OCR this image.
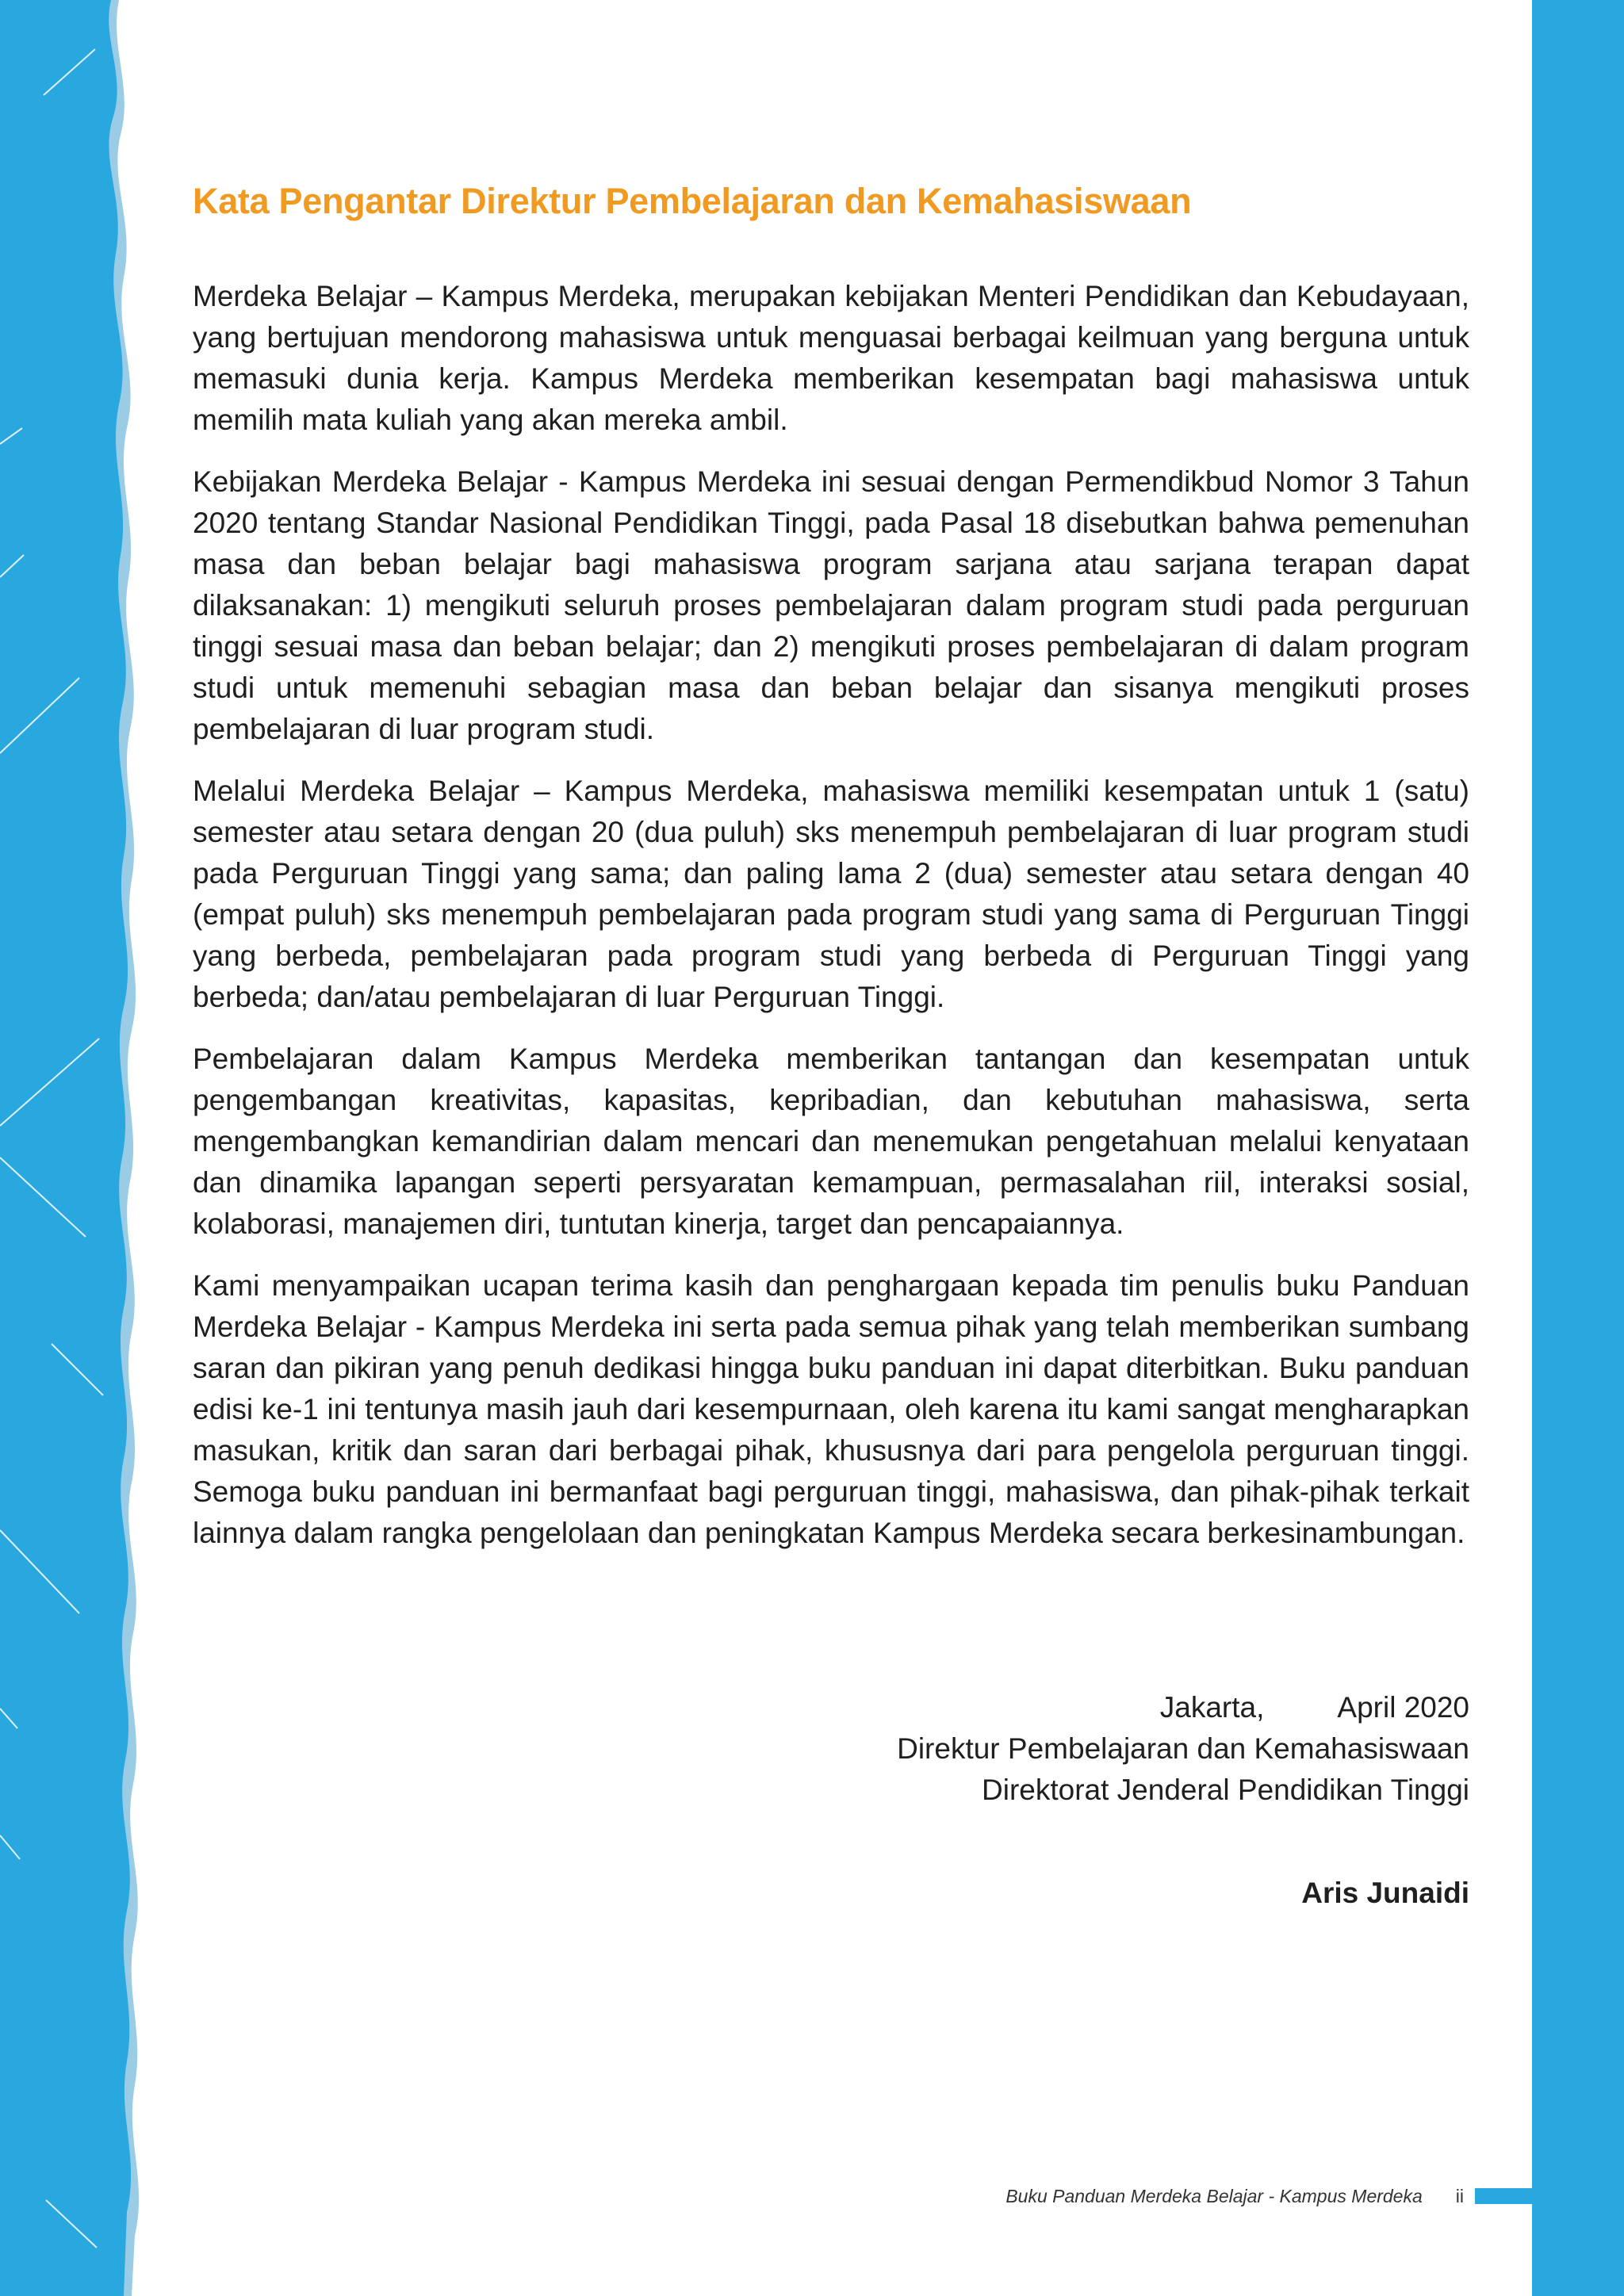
Kata Pengantar Direktur Pembelajaran dan Kemahasiswaan

Merdeka Belajar – Kampus Merdeka, merupakan kebijakan Menteri Pendidikan dan Kebudayaan, yang bertujuan mendorong mahasiswa untuk menguasai berbagai keilmuan yang berguna untuk memasuki dunia kerja. Kampus Merdeka memberikan kesempatan bagi mahasiswa untuk memilih mata kuliah yang akan mereka ambil.

Kebijakan Merdeka Belajar - Kampus Merdeka ini sesuai dengan Permendikbud Nomor 3 Tahun 2020 tentang Standar Nasional Pendidikan Tinggi, pada Pasal 18 disebutkan bahwa pemenuhan masa dan beban belajar bagi mahasiswa program sarjana atau sarjana terapan dapat dilaksanakan: 1) mengikuti seluruh proses pembelajaran dalam program studi pada perguruan tinggi sesuai masa dan beban belajar; dan 2) mengikuti proses pembelajaran di dalam program studi untuk memenuhi sebagian masa dan beban belajar dan sisanya mengikuti proses pembelajaran di luar program studi.

Melalui Merdeka Belajar – Kampus Merdeka, mahasiswa memiliki kesempatan untuk 1 (satu) semester atau setara dengan 20 (dua puluh) sks menempuh pembelajaran di luar program studi pada Perguruan Tinggi yang sama; dan paling lama 2 (dua) semester atau setara dengan 40 (empat puluh) sks menempuh pembelajaran pada program studi yang sama di Perguruan Tinggi yang berbeda, pembelajaran pada program studi yang berbeda di Perguruan Tinggi yang berbeda; dan/atau pembelajaran di luar Perguruan Tinggi.

Pembelajaran dalam Kampus Merdeka memberikan tantangan dan kesempatan untuk pengembangan kreativitas, kapasitas, kepribadian, dan kebutuhan mahasiswa, serta mengembangkan kemandirian dalam mencari dan menemukan pengetahuan melalui kenyataan dan dinamika lapangan seperti persyaratan kemampuan, permasalahan riil, interaksi sosial, kolaborasi, manajemen diri, tuntutan kinerja, target dan pencapaiannya.

Kami menyampaikan ucapan terima kasih dan penghargaan kepada tim penulis buku Panduan Merdeka Belajar - Kampus Merdeka ini serta pada semua pihak yang telah memberikan sumbang saran dan pikiran yang penuh dedikasi hingga buku panduan ini dapat diterbitkan. Buku panduan edisi ke-1 ini tentunya masih jauh dari kesempurnaan, oleh karena itu kami sangat mengharapkan masukan, kritik dan saran dari berbagai pihak, khususnya dari para pengelola perguruan tinggi. Semoga buku panduan ini bermanfaat bagi perguruan tinggi, mahasiswa, dan pihak-pihak terkait lainnya dalam rangka pengelolaan dan peningkatan Kampus Merdeka secara berkesinambungan.

Jakarta, April 2020
Direktur Pembelajaran dan Kemahasiswaan
Direktorat Jenderal Pendidikan Tinggi
Aris Junaidi
Buku Panduan Merdeka Belajar - Kampus Merdeka ii
